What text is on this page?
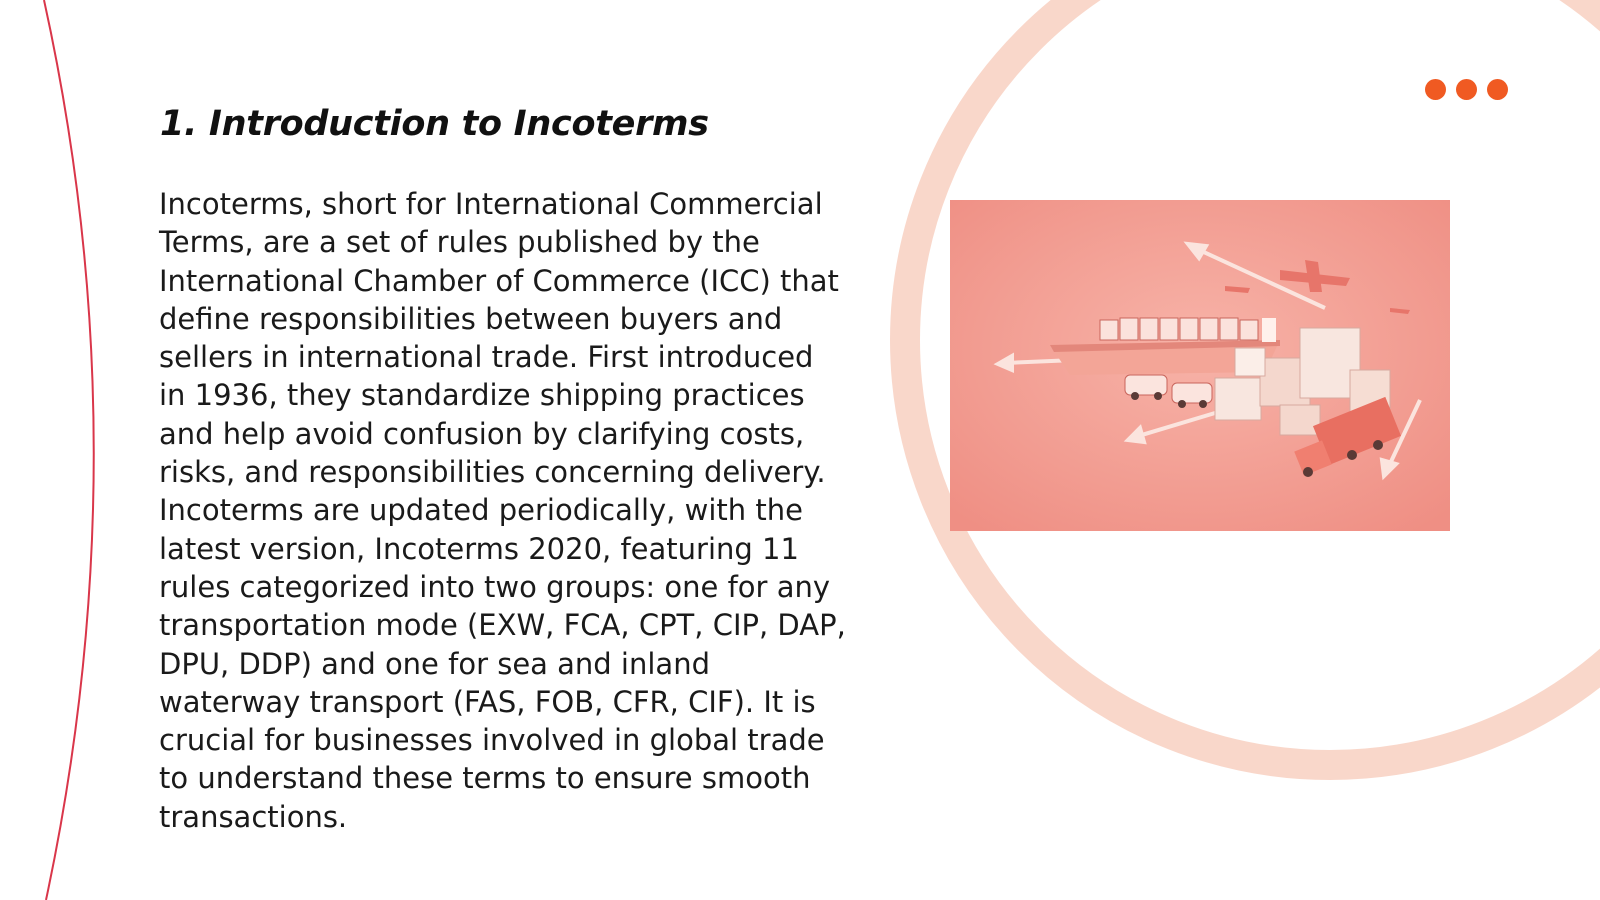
1. Introduction to Incoterms

Incoterms, short for International Commercial Terms, are a set of rules published by the International Chamber of Commerce (ICC) that define responsibilities between buyers and sellers in international trade. First introduced in 1936, they standardize shipping practices and help avoid confusion by clarifying costs, risks, and responsibilities concerning delivery. Incoterms are updated periodically, with the latest version, Incoterms 2020, featuring 11 rules categorized into two groups: one for any transportation mode (EXW, FCA, CPT, CIP, DAP, DPU, DDP) and one for sea and inland waterway transport (FAS, FOB, CFR, CIF). It is crucial for businesses involved in global trade to understand these terms to ensure smooth transactions.
